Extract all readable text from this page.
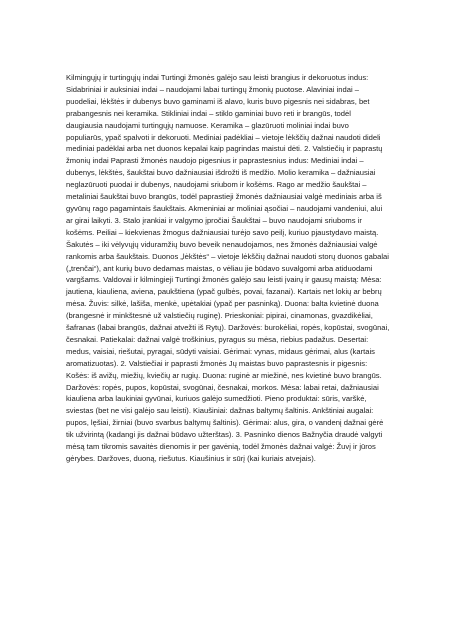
Kilmingųjų ir turtingųjų indai Turtingi žmonės galėjo sau leisti brangius ir dekoruotus indus:
Sidabriniai ir auksiniai indai – naudojami labai turtingų žmonių puotose. Alaviniai indai –
puodeliai, lėkštės ir dubenys buvo gaminami iš alavo, kuris buvo pigesnis nei sidabras, bet
prabangesnis nei keramika. Stikliniai indai – stiklo gaminiai buvo reti ir brangūs, todėl
daugiausia naudojami turtingųjų namuose. Keramika – glazūruoti moliniai indai buvo
populiarūs, ypač spalvoti ir dekoruoti. Mediniai padėkliai – vietoje lėkščių dažnai naudoti dideli
mediniai padėklai arba net duonos kepalai kaip pagrindas maistui dėti. 2. Valstiečių ir paprastų
žmonių indai Paprasti žmonės naudojo pigesnius ir paprastesnius indus: Mediniai indai –
dubenys, lėkštės, šaukštai buvo dažniausiai išdrožti iš medžio. Molio keramika – dažniausiai
neglazūruoti puodai ir dubenys, naudojami sriubom ir košėms. Rago ar medžio šaukštai –
metaliniai šaukštai buvo brangūs, todėl paprastieji žmonės dažniausiai valgė mediniais arba iš
gyvūnų rago pagamintais šaukštais. Akmeniniai ar moliniai ąsočiai – naudojami vandeniui, alui
ar girai laikyti. 3. Stalo įrankiai ir valgymo įpročiai Šaukštai – buvo naudojami sriuboms ir
košėms. Peiliai – kiekvienas žmogus dažniausiai turėjo savo peilį, kuriuo pjaustydavo maistą.
Šakutės – iki vėlyvųjų viduramžių buvo beveik nenaudojamos, nes žmonės dažniausiai valgė
rankomis arba šaukštais. Duonos „lėkštės“ – vietoje lėkščių dažnai naudoti storų duonos gabalai
(„trenčai“), ant kurių buvo dedamas maistas, o vėliau jie būdavo suvalgomi arba atiduodami
vargšams. Valdovai ir kilmingieji Turtingi žmonės galėjo sau leisti įvairų ir gausų maistą: Mėsa:
jautiena, kiauliena, aviena, paukštiena (ypač gulbės, povai, fazanai). Kartais net lokių ar bebrų
mėsa. Žuvis: silkė, lašiša, menkė, upėtakiai (ypač per pasninką). Duona: balta kvietinė duona
(brangesnė ir minkštesnė už valstiečių ruginę). Prieskoniai: pipirai, cinamonas, gvazdikėliai,
šafranas (labai brangūs, dažnai atvežti iš Rytų). Daržovės: burokėliai, ropės, kopūstai, svogūnai,
česnakai. Patiekalai: dažnai valgė troškinius, pyragus su mėsa, riebius padažus. Desertai:
medus, vaisiai, riešutai, pyragai, sūdyti vaisiai. Gėrimai: vynas, midaus gėrimai, alus (kartais
aromatizuotas). 2. Valstiečiai ir paprasti žmonės Jų maistas buvo paprastesnis ir pigesnis:
Košės: iš avižų, miežių, kviečių ar rugių. Duona: ruginė ar miežinė, nes kvietinė buvo brangūs.
Daržovės: ropės, pupos, kopūstai, svogūnai, česnakai, morkos. Mėsa: labai retai, dažniausiai
kiauliena arba laukiniai gyvūnai, kuriuos galėjo sumedžioti. Pieno produktai: sūris, varškė,
sviestas (bet ne visi galėjo sau leisti). Kiaušiniai: dažnas baltymų šaltinis. Ankštiniai augalai:
pupos, lęšiai, žirniai (buvo svarbus baltymų šaltinis). Gėrimai: alus, gira, o vandenį dažnai gėrė
tik užvirintą (kadangi jis dažnai būdavo užterštas). 3. Pasninko dienos Bažnyčia draudė valgyti
mėsą tam tikromis savaitės dienomis ir per gavėnią, todėl žmonės dažnai valgė: Žuvį ir jūros
gėrybes. Daržoves, duoną, riešutus. Kiaušinius ir sūrį (kai kuriais atvejais).
